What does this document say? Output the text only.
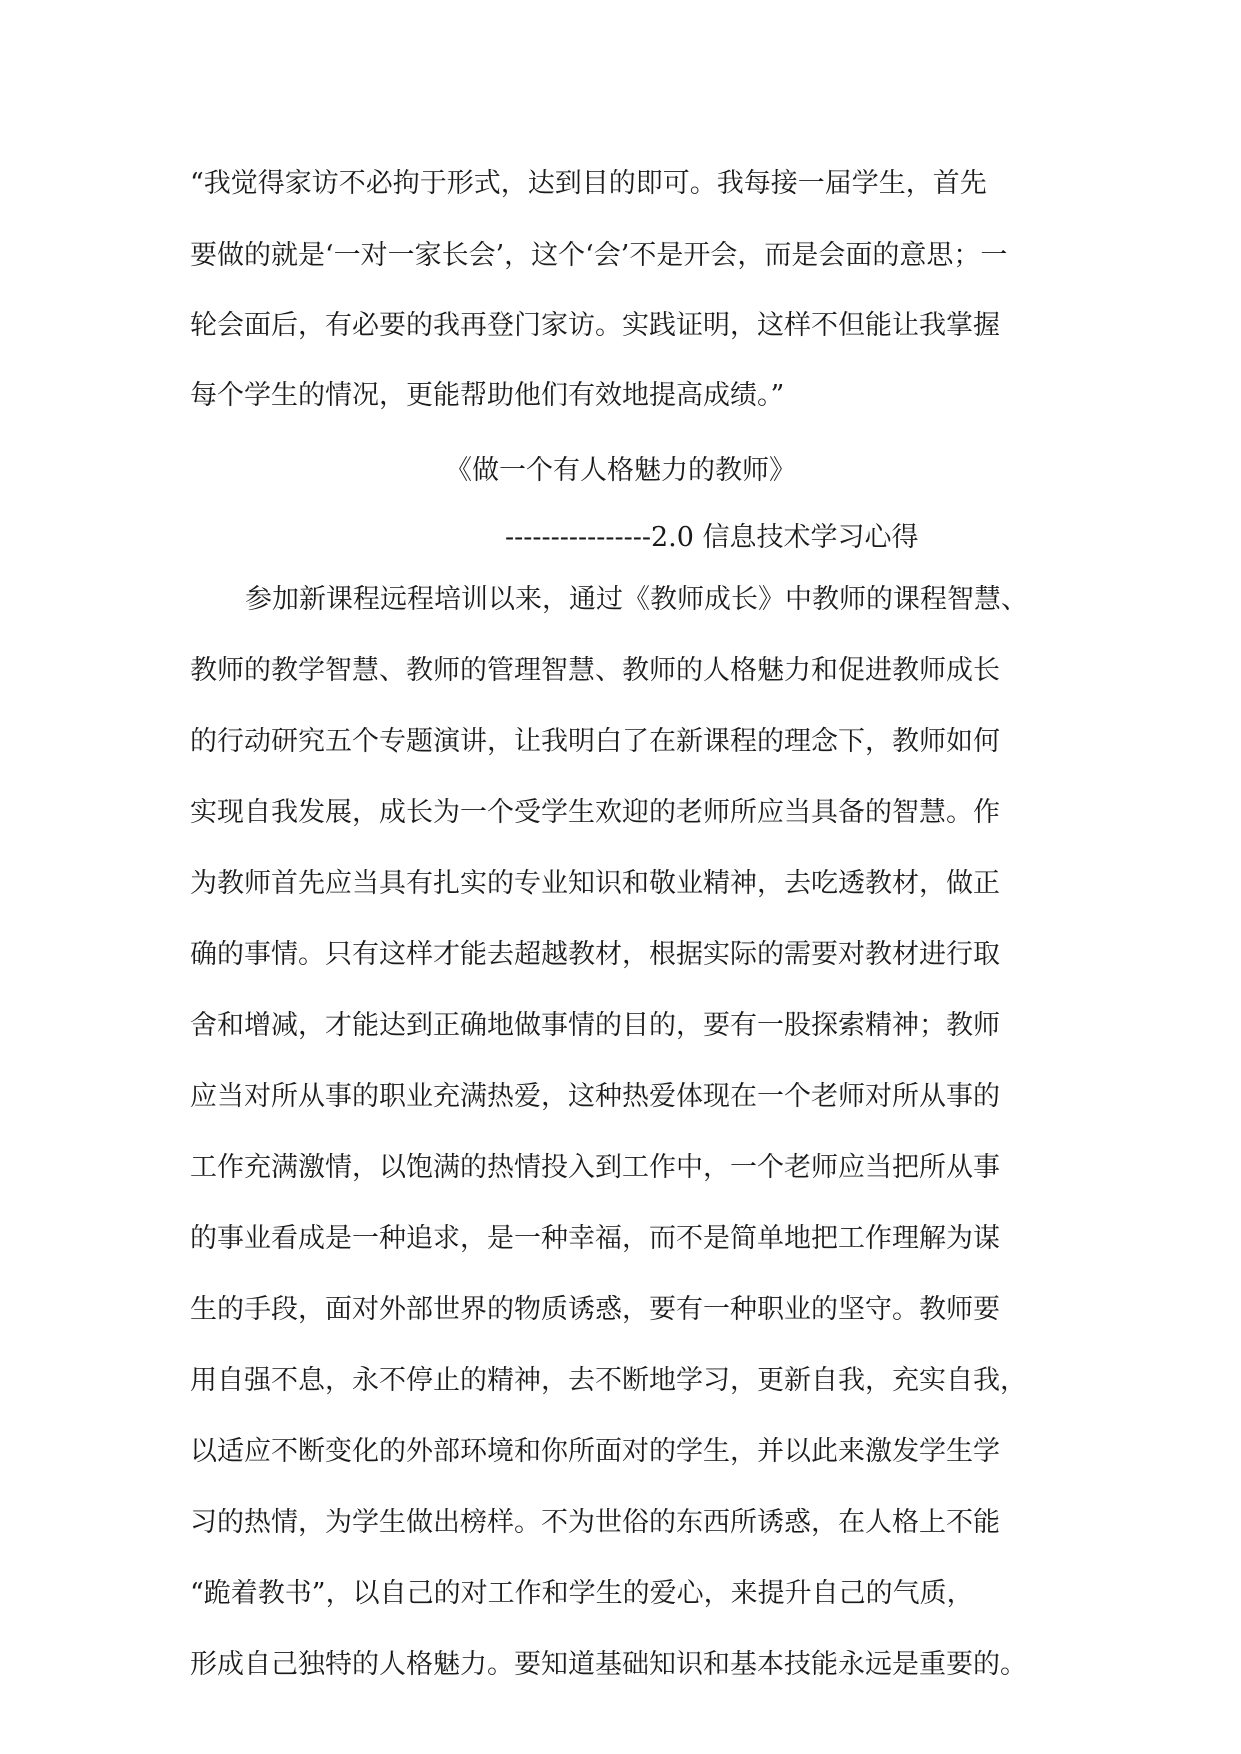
“我觉得家访不必拘于形式，达到目的即可。我每接一届学生，首先
要做的就是‘一对一家长会’，这个‘会’不是开会，而是会面的意思；一
轮会面后，有必要的我再登门家访。实践证明，这样不但能让我掌握
每个学生的情况，更能帮助他们有效地提高成绩。”
《做一个有人格魅力的教师》
----------------2.0 信息技术学习心得
参加新课程远程培训以来，通过《教师成长》中教师的课程智慧、
教师的教学智慧、教师的管理智慧、教师的人格魅力和促进教师成长
的行动研究五个专题演讲，让我明白了在新课程的理念下，教师如何
实现自我发展，成长为一个受学生欢迎的老师所应当具备的智慧。作
为教师首先应当具有扎实的专业知识和敬业精神，去吃透教材，做正
确的事情。只有这样才能去超越教材，根据实际的需要对教材进行取
舍和增减，才能达到正确地做事情的目的，要有一股探索精神；教师
应当对所从事的职业充满热爱，这种热爱体现在一个老师对所从事的
工作充满激情，以饱满的热情投入到工作中，一个老师应当把所从事
的事业看成是一种追求，是一种幸福，而不是简单地把工作理解为谋
生的手段，面对外部世界的物质诱惑，要有一种职业的坚守。教师要
用自强不息，永不停止的精神，去不断地学习，更新自我，充实自我，
以适应不断变化的外部环境和你所面对的学生，并以此来激发学生学
习的热情，为学生做出榜样。不为世俗的东西所诱惑，在人格上不能
“跪着教书”，以自己的对工作和学生的爱心，来提升自己的气质，
形成自己独特的人格魅力。要知道基础知识和基本技能永远是重要的。
